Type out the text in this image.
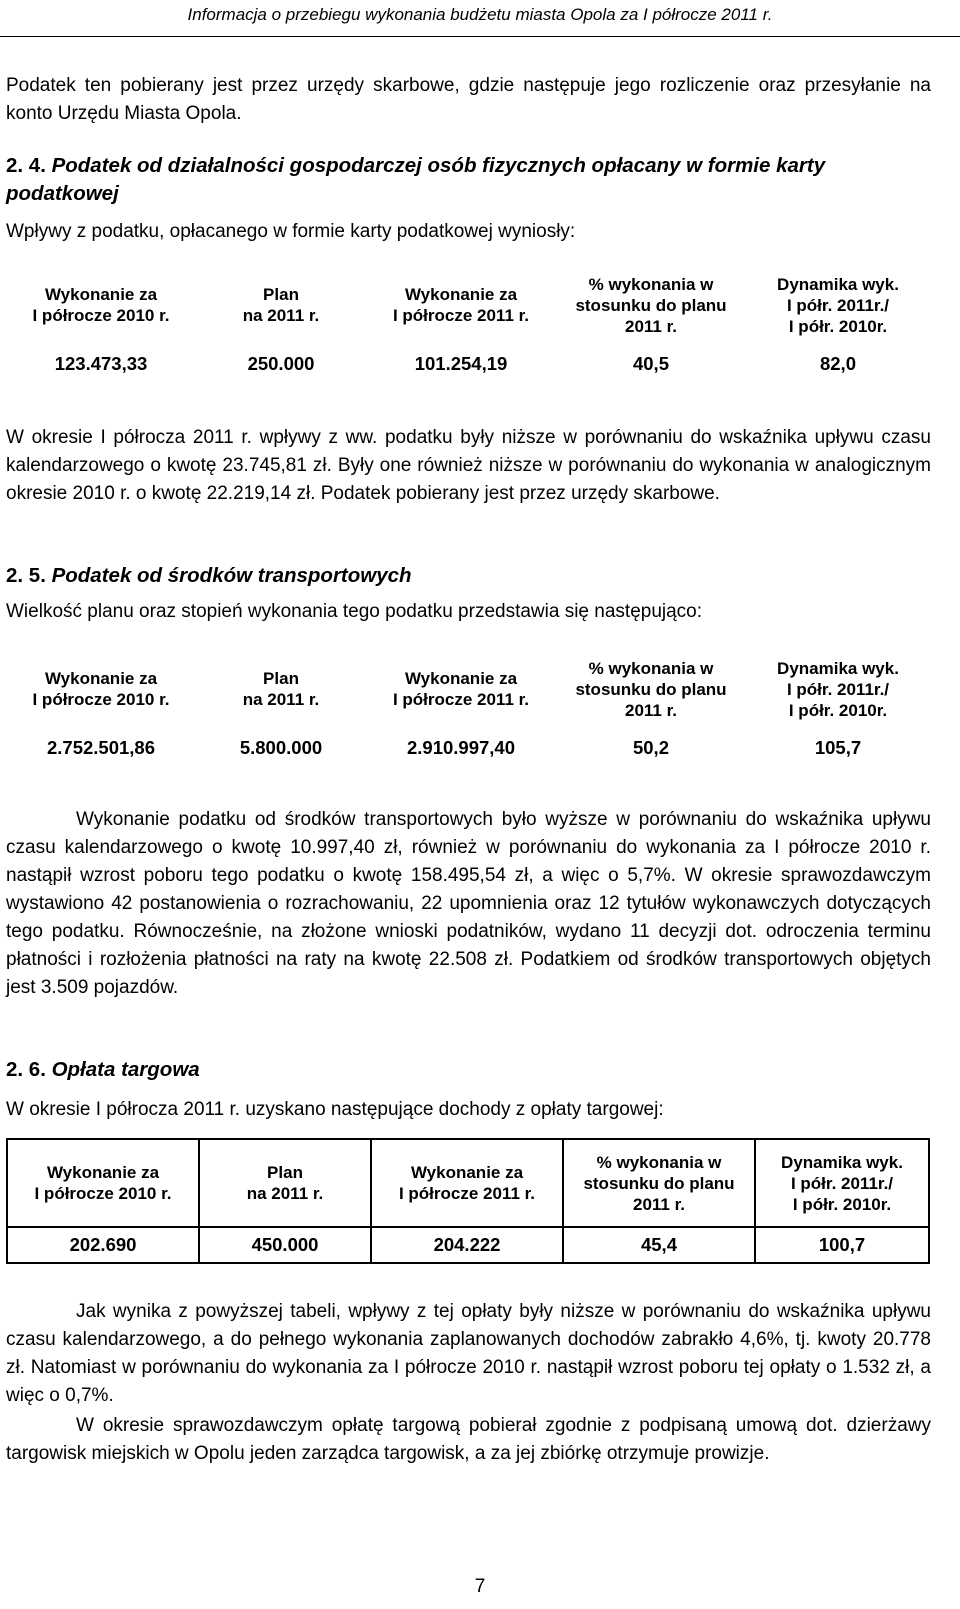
Informacja o przebiegu wykonania budżetu miasta Opola za I półrocze 2011 r.

Podatek ten pobierany jest przez urzędy skarbowe, gdzie następuje jego rozliczenie oraz przesyłanie na konto Urzędu Miasta Opola.

2. 4. Podatek od działalności gospodarczej osób fizycznych opłacany w formie karty podatkowej

Wpływy z podatku, opłacanego w formie karty podatkowej wyniosły:

Wykonanie za
I półrocze 2010 r.	Plan
na 2011 r.	Wykonanie za
I półrocze 2011 r.	% wykonania w
stosunku do planu
2011 r.	Dynamika wyk.
I półr. 2011r./
I półr. 2010r.

123.473,33	250.000	101.254,19	40,5	82,0

W okresie I półrocza 2011 r. wpływy z ww. podatku były niższe w porównaniu do wskaźnika upływu czasu kalendarzowego o kwotę 23.745,81 zł. Były one również niższe w porównaniu do wykonania w analogicznym okresie 2010 r. o kwotę 22.219,14 zł. Podatek pobierany jest przez urzędy skarbowe.

2. 5. Podatek od środków transportowych

Wielkość planu oraz stopień wykonania tego podatku przedstawia się następująco:

Wykonanie za
I półrocze 2010 r.	Plan
na 2011 r.	Wykonanie za
I półrocze 2011 r.	% wykonania w
stosunku do planu
2011 r.	Dynamika wyk.
I półr. 2011r./
I półr. 2010r.

2.752.501,86	5.800.000	2.910.997,40	50,2	105,7

Wykonanie podatku od środków transportowych było wyższe w porównaniu do wskaźnika upływu czasu kalendarzowego o kwotę 10.997,40 zł, również w porównaniu do wykonania za I półrocze 2010 r. nastąpił wzrost poboru tego podatku o kwotę 158.495,54 zł, a więc o 5,7%. W okresie sprawozdawczym wystawiono 42 postanowienia o rozrachowaniu, 22 upomnienia oraz 12 tytułów wykonawczych dotyczących tego podatku. Równocześnie, na złożone wnioski podatników, wydano 11 decyzji dot. odroczenia terminu płatności i rozłożenia płatności na raty na kwotę 22.508 zł. Podatkiem od środków transportowych objętych jest 3.509 pojazdów.

2. 6. Opłata targowa

W okresie I półrocza 2011 r. uzyskano następujące dochody z opłaty targowej:

Wykonanie za
I półrocze 2010 r.	Plan
na 2011 r.	Wykonanie za
I półrocze 2011 r.	% wykonania w
stosunku do planu
2011 r.	Dynamika wyk.
I półr. 2011r./
I półr. 2010r.

202.690	450.000	204.222	45,4	100,7

Jak wynika z powyższej tabeli, wpływy z tej opłaty były niższe w porównaniu do wskaźnika upływu czasu kalendarzowego, a do pełnego wykonania zaplanowanych dochodów zabrakło 4,6%, tj. kwoty 20.778 zł. Natomiast w porównaniu do wykonania za I półrocze 2010 r. nastąpił wzrost poboru tej opłaty o 1.532 zł, a więc o 0,7%.

W okresie sprawozdawczym opłatę targową pobierał zgodnie z podpisaną umową dot. dzierżawy targowisk miejskich w Opolu jeden zarządca targowisk, a za jej zbiórkę otrzymuje prowizje.

7
